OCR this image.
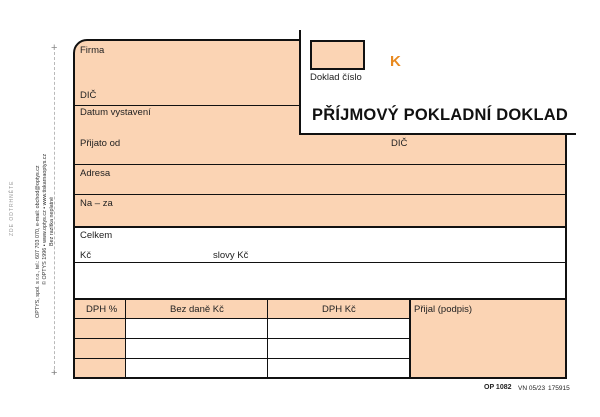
+
+
ZDE ODTRHNĚTE	OPTYS, spol. s r.o., tel.: 607 703 070, e-mail: obchod@optys.cz © OPTYS 1996 • www.optys.cz • www.tiskarnaoptys.cz Bez razítka neplatné
Firma
DIČ
Datum vystavení
Doklad číslo
K
PŘÍJMOVÝ POKLADNÍ DOKLAD
Přijato od	DIČ
Adresa
Na – za
Celkem
Kč	slovy Kč
DPH %	Bez daně Kč	DPH Kč	Přijal (podpis)
OP 1082 VN 05/23 175915
